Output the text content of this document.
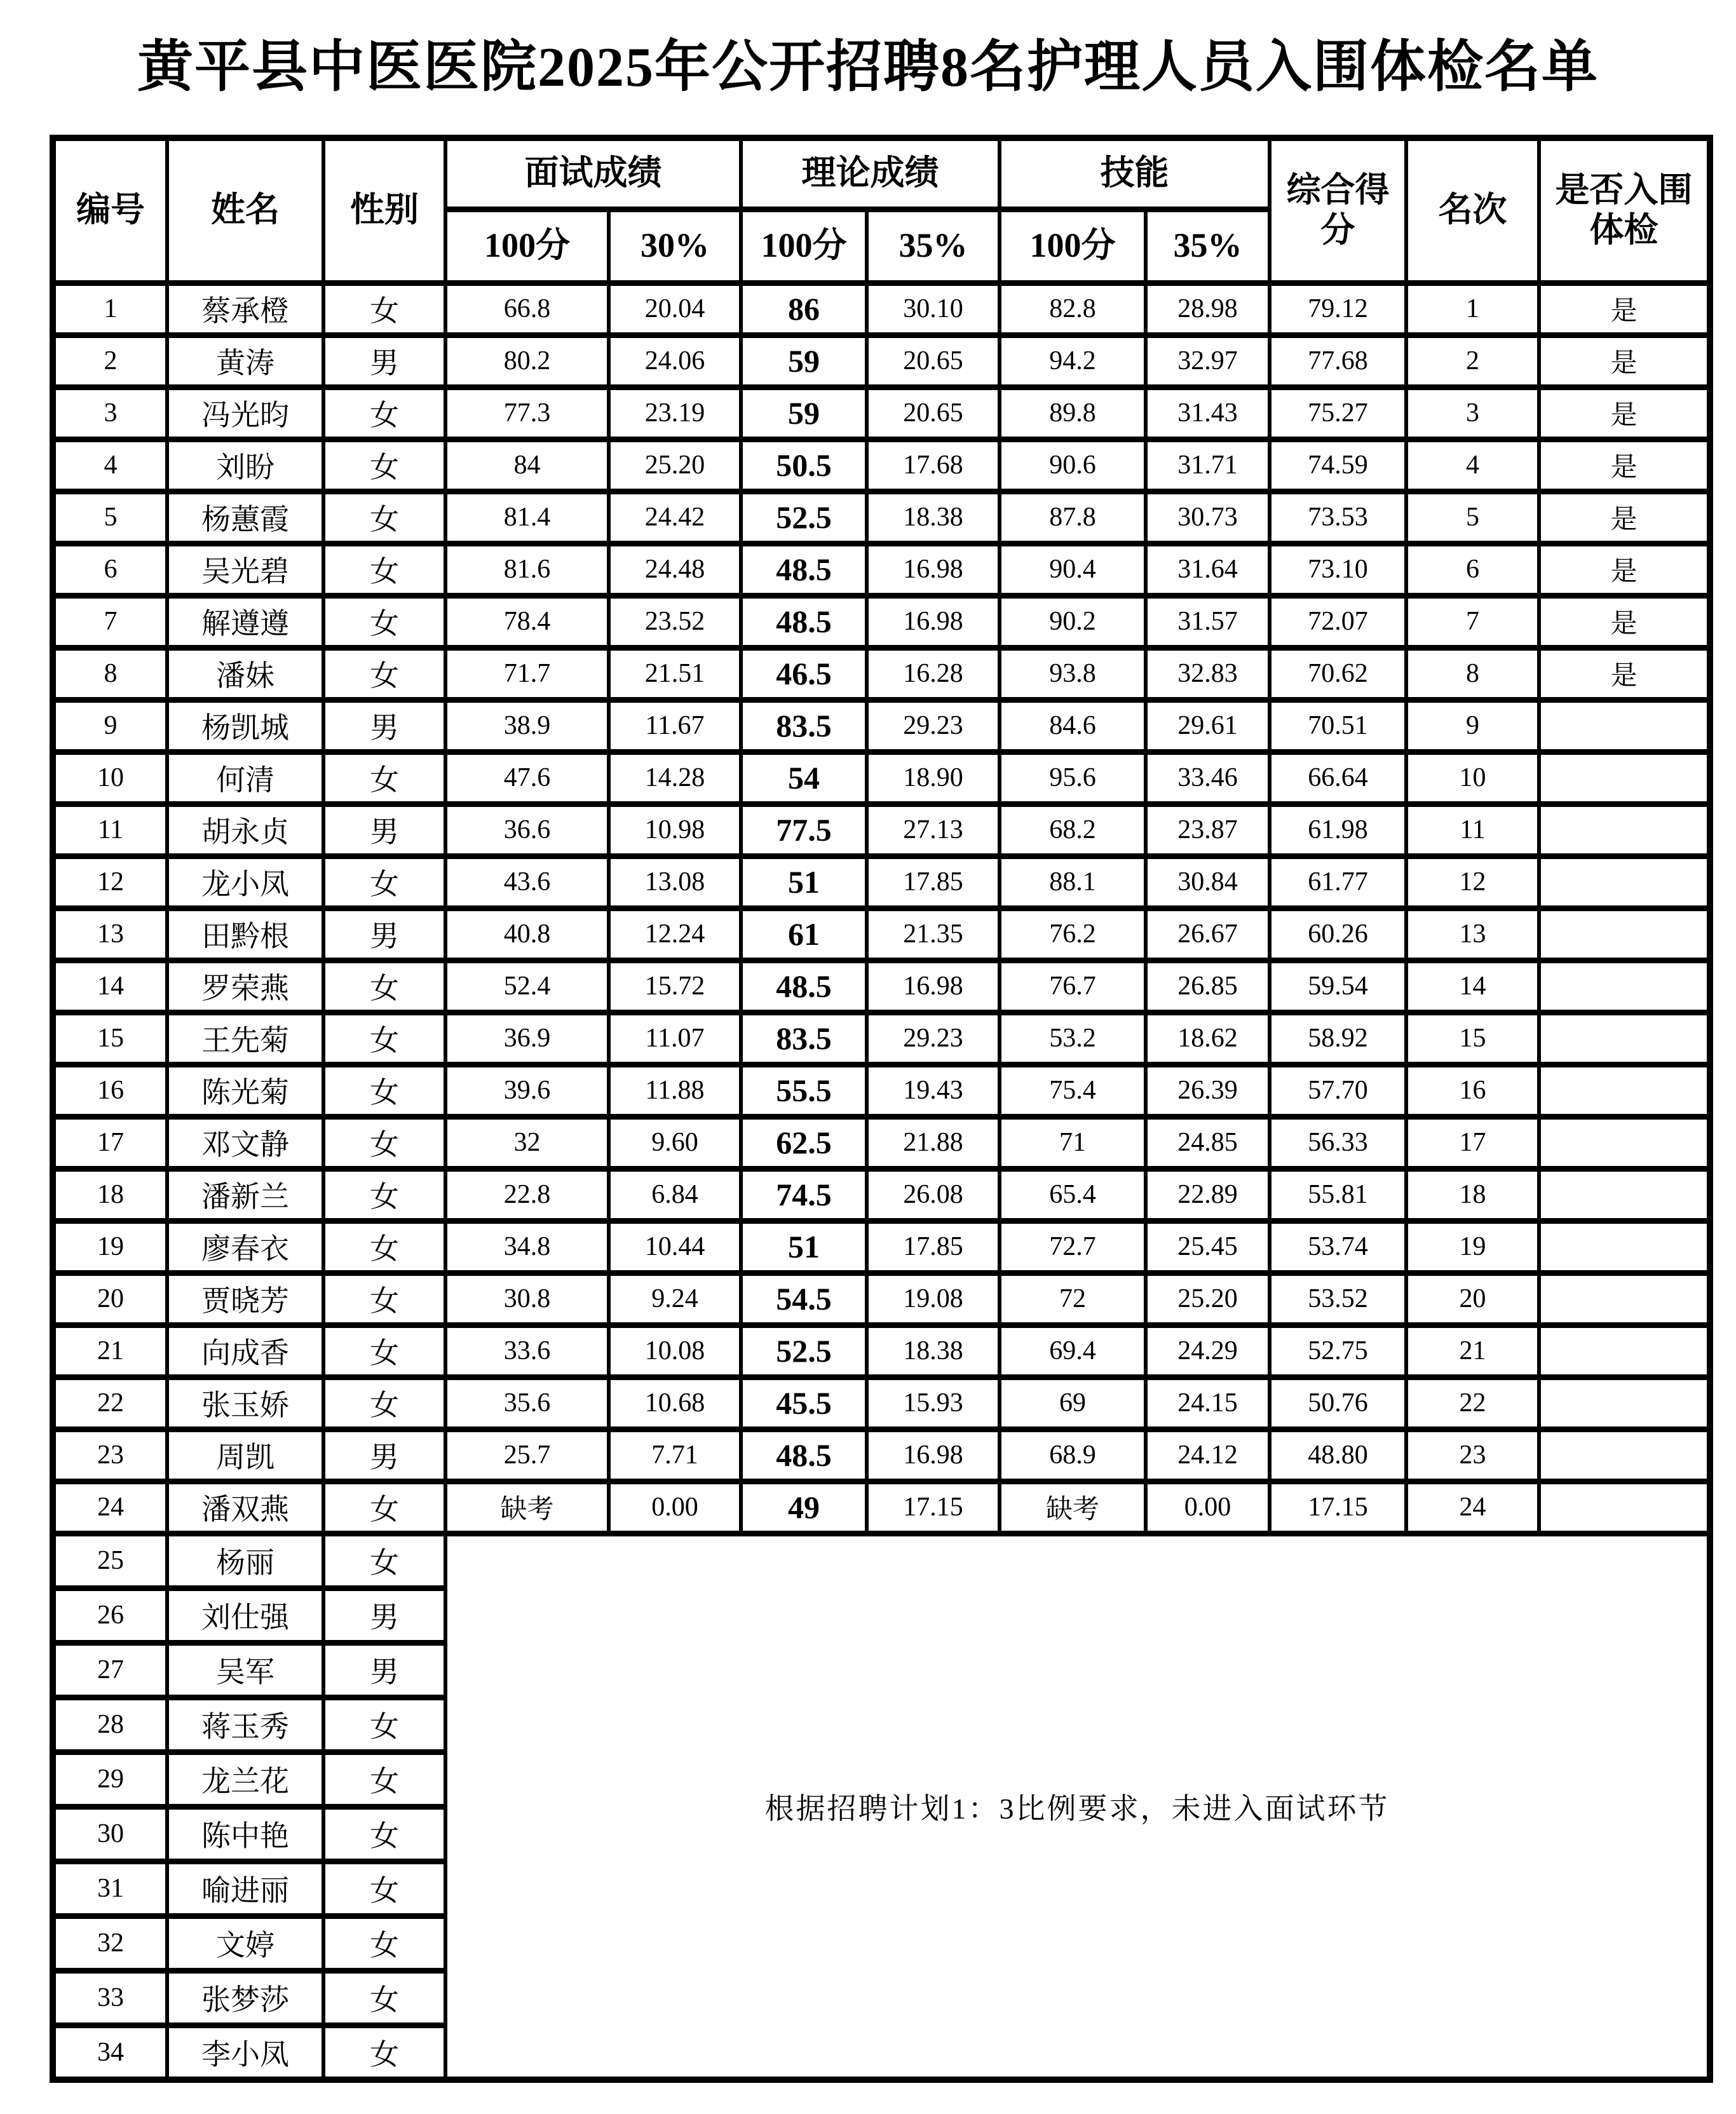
黄平县中医医院2025年公开招聘8名护理人员入围体检名单
编号	姓名	性别	面试成绩		理论成绩		技能		综合得分	名次	是否入围体检
			100分	30%	100分	35%	100分	35%			
1	蔡承橙	女	66.8	20.04	86	30.10	82.8	28.98	79.12	1	是
2	黄涛	男	80.2	24.06	59	20.65	94.2	32.97	77.68	2	是
3	冯光昀	女	77.3	23.19	59	20.65	89.8	31.43	75.27	3	是
4	刘盼	女	84	25.20	50.5	17.68	90.6	31.71	74.59	4	是
5	杨蕙霞	女	81.4	24.42	52.5	18.38	87.8	30.73	73.53	5	是
6	吴光碧	女	81.6	24.48	48.5	16.98	90.4	31.64	73.10	6	是
7	解遵遵	女	78.4	23.52	48.5	16.98	90.2	31.57	72.07	7	是
8	潘妹	女	71.7	21.51	46.5	16.28	93.8	32.83	70.62	8	是
9	杨凯城	男	38.9	11.67	83.5	29.23	84.6	29.61	70.51	9	
10	何清	女	47.6	14.28	54	18.90	95.6	33.46	66.64	10	
11	胡永贞	男	36.6	10.98	77.5	27.13	68.2	23.87	61.98	11	
12	龙小凤	女	43.6	13.08	51	17.85	88.1	30.84	61.77	12	
13	田黔根	男	40.8	12.24	61	21.35	76.2	26.67	60.26	13	
14	罗荣燕	女	52.4	15.72	48.5	16.98	76.7	26.85	59.54	14	
15	王先菊	女	36.9	11.07	83.5	29.23	53.2	18.62	58.92	15	
16	陈光菊	女	39.6	11.88	55.5	19.43	75.4	26.39	57.70	16	
17	邓文静	女	32	9.60	62.5	21.88	71	24.85	56.33	17	
18	潘新兰	女	22.8	6.84	74.5	26.08	65.4	22.89	55.81	18	
19	廖春衣	女	34.8	10.44	51	17.85	72.7	25.45	53.74	19	
20	贾晓芳	女	30.8	9.24	54.5	19.08	72	25.20	53.52	20	
21	向成香	女	33.6	10.08	52.5	18.38	69.4	24.29	52.75	21	
22	张玉娇	女	35.6	10.68	45.5	15.93	69	24.15	50.76	22	
23	周凯	男	25.7	7.71	48.5	16.98	68.9	24.12	48.80	23	
24	潘双燕	女	缺考	0.00	49	17.15	缺考	0.00	17.15	24	
25	杨丽	女	根据招聘计划1：3比例要求，未进入面试环节								
26	刘仕强	男									
27	吴军	男									
28	蒋玉秀	女									
29	龙兰花	女									
30	陈中艳	女									
31	喻进丽	女									
32	文婷	女									
33	张梦莎	女									
34	李小凤	女									
